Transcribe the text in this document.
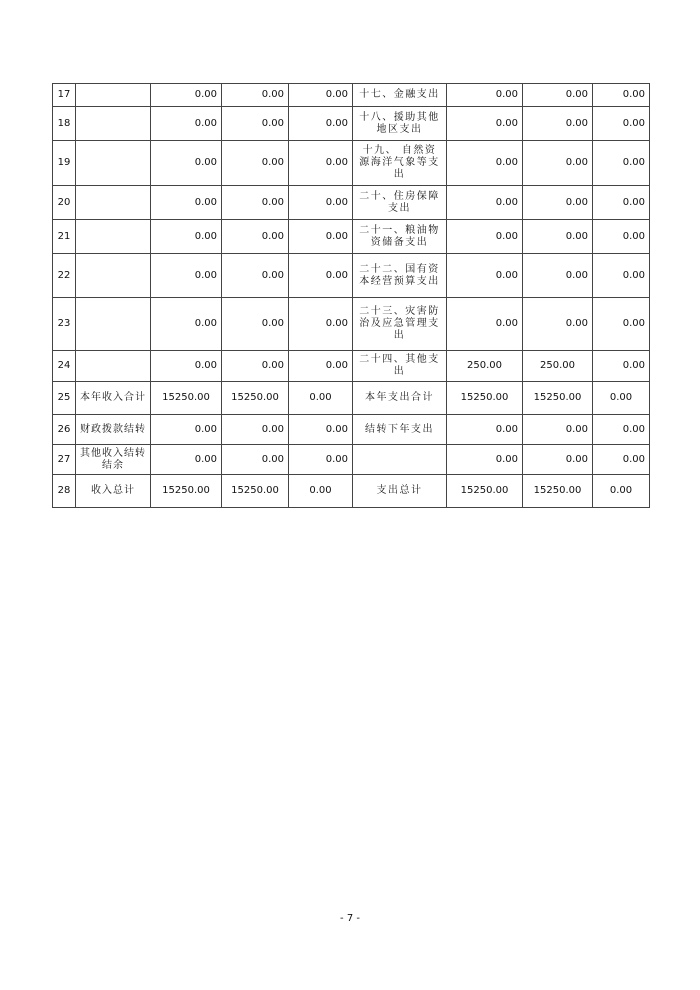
17		0.00	0.00	0.00	十七、金融支出	0.00	0.00	0.00
18		0.00	0.00	0.00	十八、援助其他 地区支出	0.00	0.00	0.00
19		0.00	0.00	0.00	十九、 自然资源海洋气象等支出	0.00	0.00	0.00
20		0.00	0.00	0.00	二十、住房保障支出	0.00	0.00	0.00
21		0.00	0.00	0.00	二十一、粮油物 资储备支出	0.00	0.00	0.00
22		0.00	0.00	0.00	二十二、国有资 本经营预算支出	0.00	0.00	0.00
23		0.00	0.00	0.00	二十三、灾害防 治及应急管理支出	0.00	0.00	0.00
24		0.00	0.00	0.00	二十四、其他支出	250.00	250.00	0.00
25	本年收入合计	15250.00	15250.00	0.00	本年支出合计	15250.00	15250.00	0.00
26	财政拨款结转	0.00	0.00	0.00	结转下年支出	0.00	0.00	0.00
27	其他收入结转结余	0.00	0.00	0.00		0.00	0.00	0.00
28	收入总计	15250.00	15250.00	0.00	支出总计	15250.00	15250.00	0.00
- 7 -
